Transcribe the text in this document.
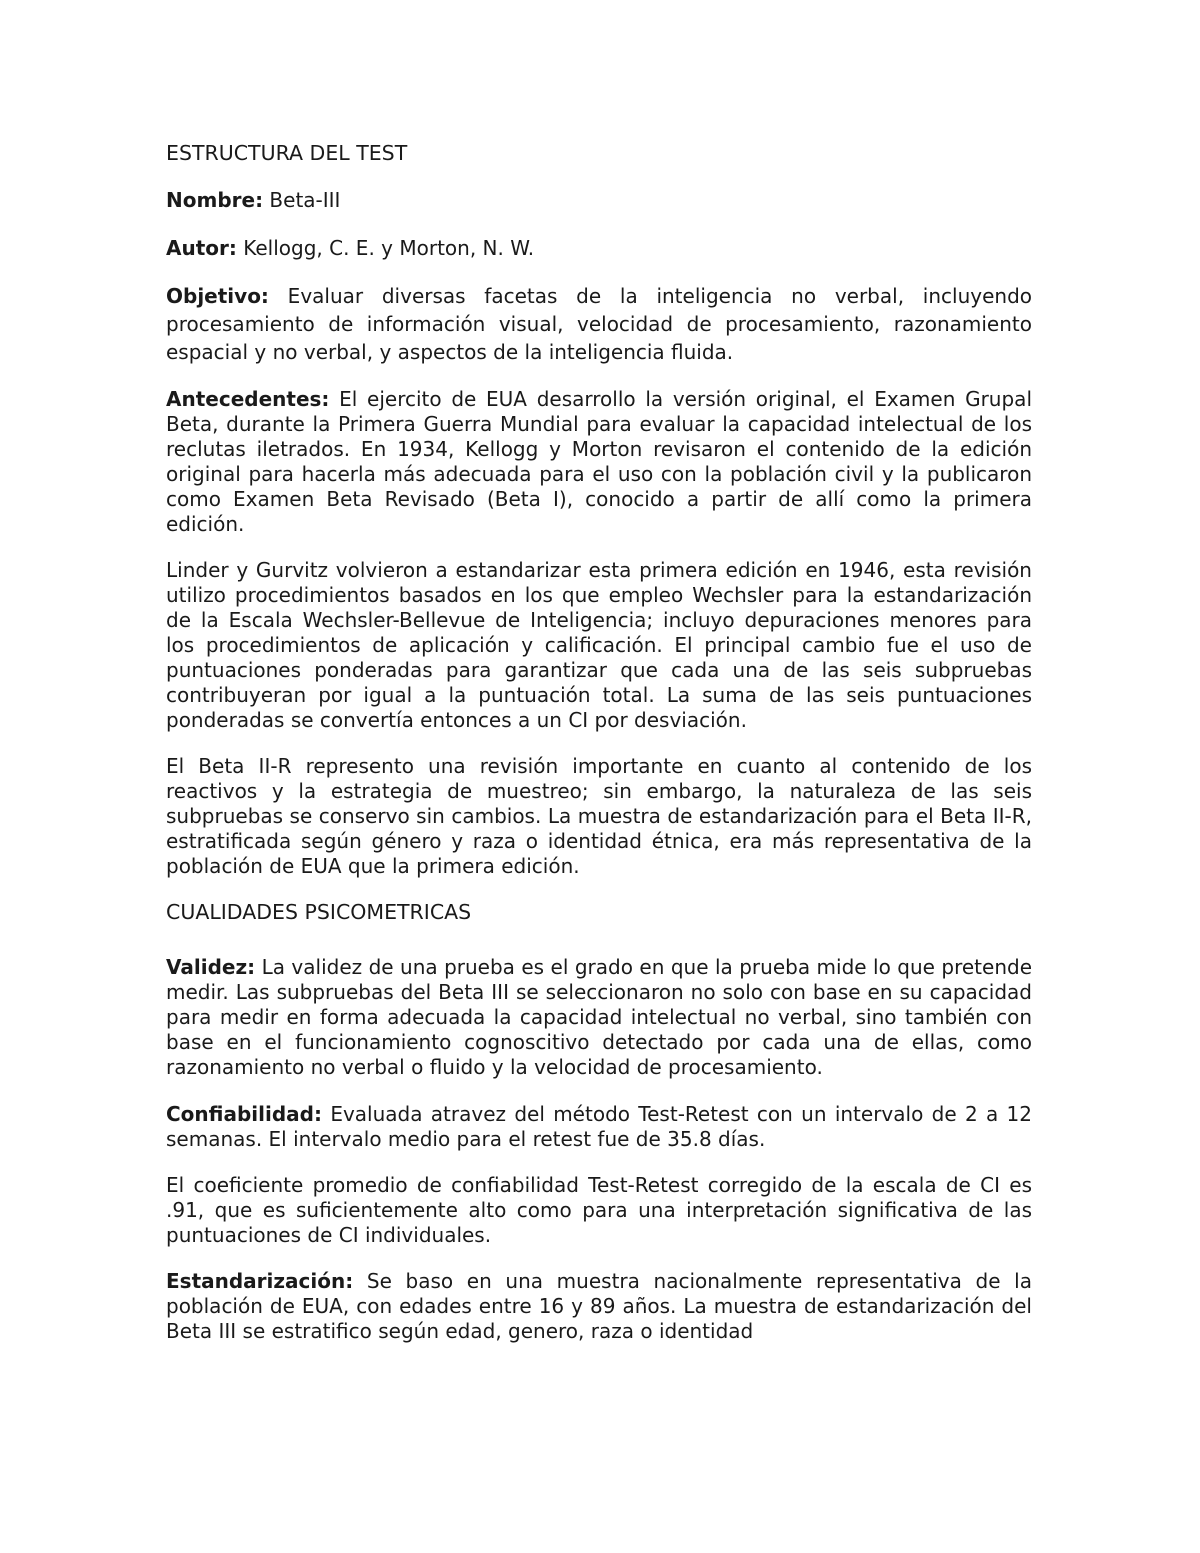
ESTRUCTURA DEL TEST

Nombre: Beta-III

Autor: Kellogg, C. E. y Morton, N. W.

Objetivo: Evaluar diversas facetas de la inteligencia no verbal, incluyendo procesamiento de información visual, velocidad de procesamiento, razonamiento espacial y no verbal, y aspectos de la inteligencia fluida.

Antecedentes: El ejercito de EUA desarrollo la versión original, el Examen Grupal Beta, durante la Primera Guerra Mundial para evaluar la capacidad intelectual de los reclutas iletrados. En 1934, Kellogg y Morton revisaron el contenido de la edición original para hacerla más adecuada para el uso con la población civil y la publicaron como Examen Beta Revisado (Beta I), conocido a partir de allí como la primera edición.

Linder y Gurvitz volvieron a estandarizar esta primera edición en 1946, esta revisión utilizo procedimientos basados en los que empleo Wechsler para la estandarización de la Escala Wechsler-Bellevue de Inteligencia; incluyo depuraciones menores para los procedimientos de aplicación y calificación. El principal cambio fue el uso de puntuaciones ponderadas para garantizar que cada una de las seis subpruebas contribuyeran por igual a la puntuación total. La suma de las seis puntuaciones ponderadas se convertía entonces a un CI por desviación.

El Beta II-R represento una revisión importante en cuanto al contenido de los reactivos y la estrategia de muestreo; sin embargo, la naturaleza de las seis subpruebas se conservo sin cambios. La muestra de estandarización para el Beta II-R, estratificada según género y raza o identidad étnica, era más representativa de la población de EUA que la primera edición.

CUALIDADES PSICOMETRICAS

Validez: La validez de una prueba es el grado en que la prueba mide lo que pretende medir. Las subpruebas del Beta III se seleccionaron no solo con base en su capacidad para medir en forma adecuada la capacidad intelectual no verbal, sino también con base en el funcionamiento cognoscitivo detectado por cada una de ellas, como razonamiento no verbal o fluido y la velocidad de procesamiento.

Confiabilidad: Evaluada atravez del método Test-Retest con un intervalo de 2 a 12 semanas. El intervalo medio para el retest fue de 35.8 días.

El coeficiente promedio de confiabilidad Test-Retest corregido de la escala de CI es .91, que es suficientemente alto como para una interpretación significativa de las puntuaciones de CI individuales.

Estandarización: Se baso en una muestra nacionalmente representativa de la población de EUA, con edades entre 16 y 89 años. La muestra de estandarización del Beta III se estratifico según edad, genero, raza o identidad
